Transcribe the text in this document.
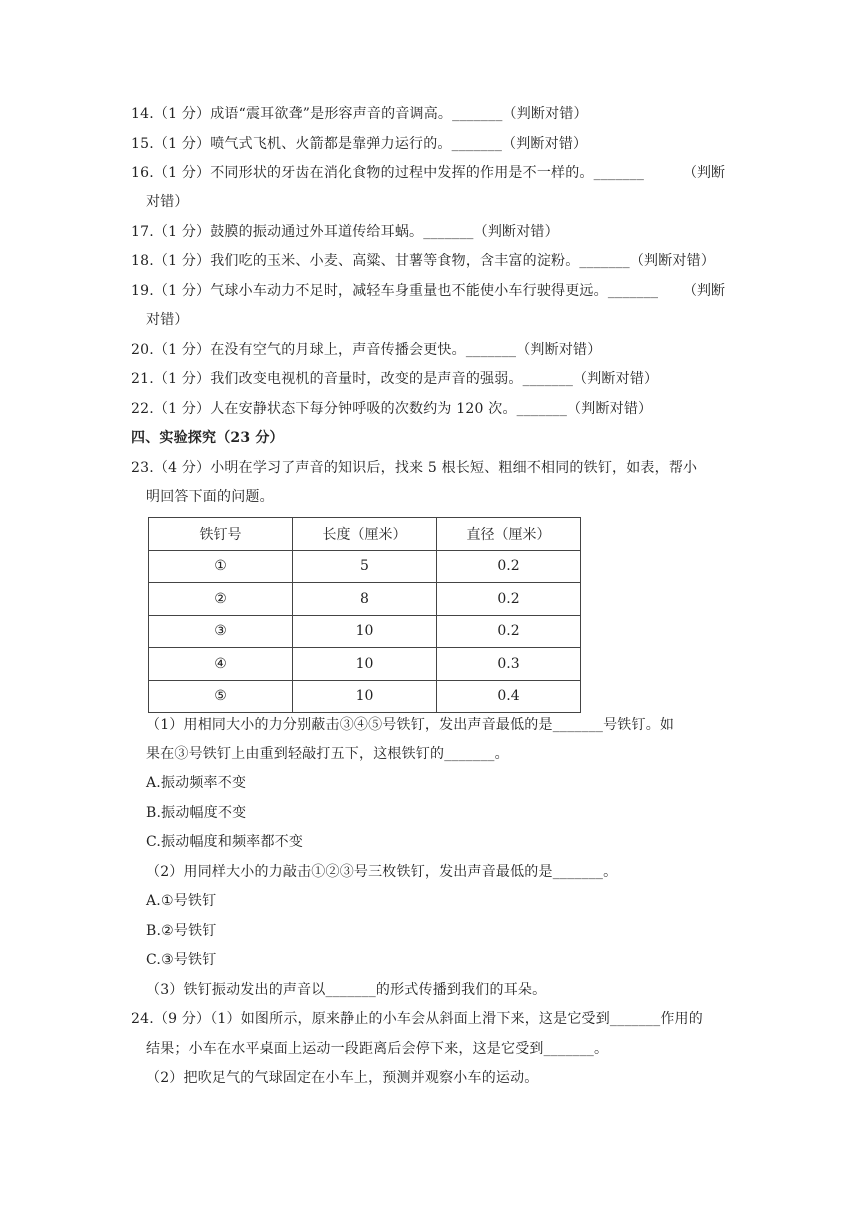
14.（1 分）成语“震耳欲聋”是形容声音的音调高。_______（判断对错）
15.（1 分）喷气式飞机、火箭都是靠弹力运行的。_______（判断对错）
16.（1 分）不同形状的牙齿在消化食物的过程中发挥的作用是不一样的。_______	（判断
对错）
17.（1 分）鼓膜的振动通过外耳道传给耳蜗。_______（判断对错）
18.（1 分）我们吃的玉米、小麦、高粱、甘薯等食物，含丰富的淀粉。_______（判断对错）
19.（1 分）气球小车动力不足时，减轻车身重量也不能使小车行驶得更远。_______ （判断
对错）
20.（1 分）在没有空气的月球上，声音传播会更快。_______（判断对错）
21.（1 分）我们改变电视机的音量时，改变的是声音的强弱。_______（判断对错）
22.（1 分）人在安静状态下每分钟呼吸的次数约为 120 次。_______（判断对错）
四、实验探究（23 分）
23.（4 分）小明在学习了声音的知识后，找来 5 根长短、粗细不相同的铁钉，如表，帮小
明回答下面的问题。
铁钉号	长度（厘米）	直径（厘米）
①	5	0.2
②	8	0.2
③	10	0.2
④	10	0.3
⑤	10	0.4
（1）用相同大小的力分别蔽击③④⑤号铁钉，发出声音最低的是_______号铁钉。如
果在③号铁钉上由重到轻敲打五下，这根铁钉的_______。
A.振动频率不变
B.振动幅度不变
C.振动幅度和频率都不变
（2）用同样大小的力敲击①②③号三枚铁钉，发出声音最低的是_______。
A.①号铁钉
B.②号铁钉
C.③号铁钉
（3）铁钉振动发出的声音以_______的形式传播到我们的耳朵。
24.（9 分）（1）如图所示，原来静止的小车会从斜面上滑下来，这是它受到_______作用的
结果；小车在水平桌面上运动一段距离后会停下来，这是它受到_______。
（2）把吹足气的气球固定在小车上，预测并观察小车的运动。
